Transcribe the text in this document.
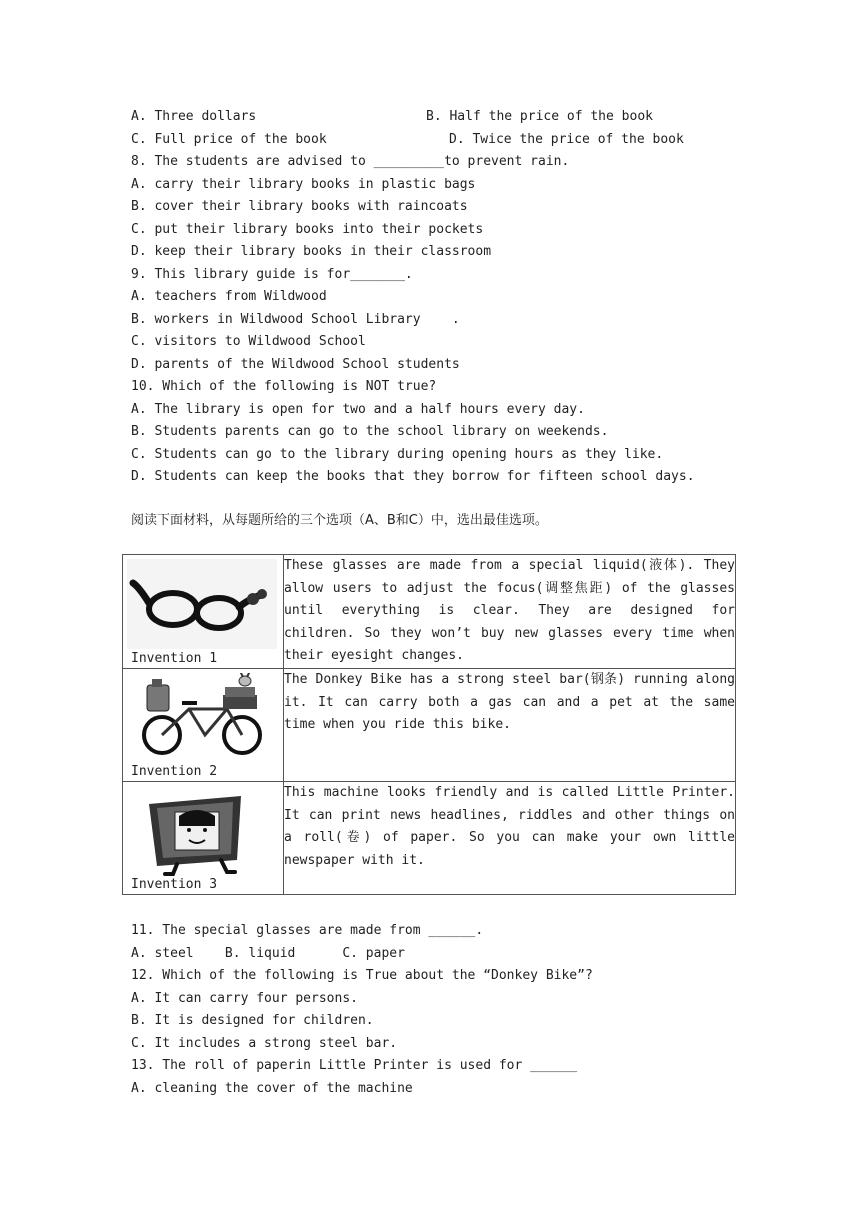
A. Three dollars	B. Half the price of the book
C. Full price of the book	D. Twice the price of the book
8. The students are advised to _________to prevent rain.
A. carry their library books in plastic bags
B. cover their library books with raincoats
C. put their library books into their pockets
D. keep their library books in their classroom
9. This library guide is for_______.
A. teachers from Wildwood
B. workers in Wildwood School Library    .
C. visitors to Wildwood School
D. parents of the Wildwood School students
10. Which of the following is NOT true?
A. The library is open for two and a half hours every day.
B. Students parents can go to the school library on weekends.
C. Students can go to the library during opening hours as they like.
D. Students can keep the books that they borrow for fifteen school days.
阅读下面材料，从每题所给的三个选项（A、B和C）中，选出最佳选项。
Invention 1	These glasses are made from a special liquid(液体). They allow users to adjust the focus(调整焦距) of the glasses until everything is clear. They are designed for children. So they won’t buy new glasses every time when their eyesight changes.

Invention 2	The Donkey Bike has a strong steel bar(钢条) running along it. It can carry both a gas can and a pet at the same time when you ride this bike.

Invention 3	This machine looks friendly and is called Little Printer. It can print news headlines, riddles and other things on a roll(卷) of paper. So you can make your own little newspaper with it.
11. The special glasses are made from ______.
A. steel    B. liquid      C. paper
12. Which of the following is True about the “Donkey Bike”?
A. It can carry four persons.
B. It is designed for children.
C. It includes a strong steel bar.
13. The roll of paperin Little Printer is used for ______
A. cleaning the cover of the machine
